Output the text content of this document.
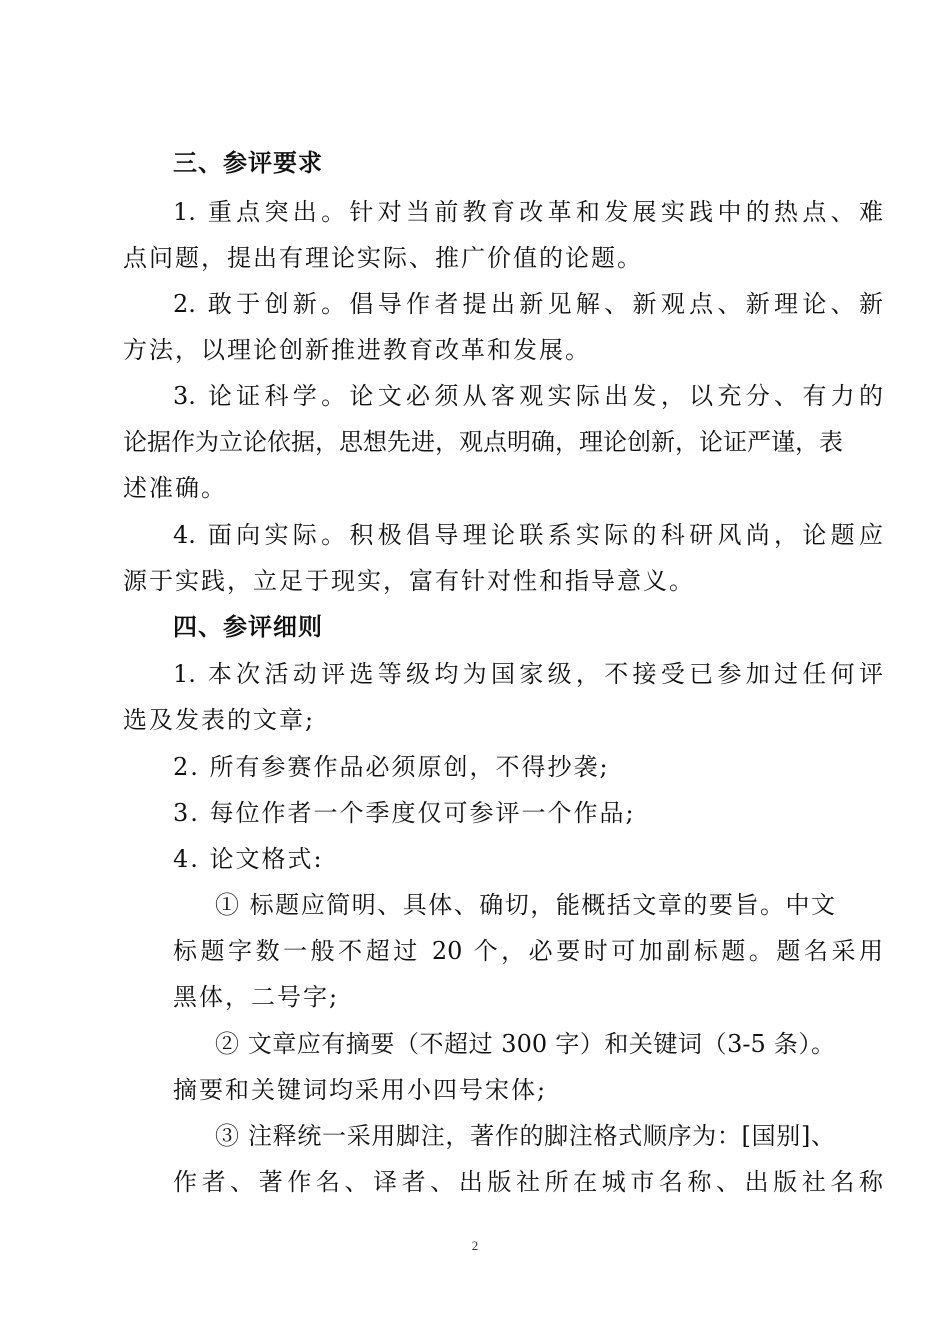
三、参评要求
1. 重点突出。针对当前教育改革和发展实践中的热点、难
点问题，提出有理论实际、推广价值的论题。
2. 敢于创新。倡导作者提出新见解、新观点、新理论、新
方法，以理论创新推进教育改革和发展。
3. 论证科学。论文必须从客观实际出发，以充分、有力的
论据作为立论依据，思想先进，观点明确，理论创新，论证严谨，表
述准确。
4. 面向实际。积极倡导理论联系实际的科研风尚，论题应
源于实践，立足于现实，富有针对性和指导意义。
四、参评细则
1. 本次活动评选等级均为国家级，不接受已参加过任何评
选及发表的文章;
2. 所有参赛作品必须原创，不得抄袭;
3. 每位作者一个季度仅可参评一个作品;
4. 论文格式:
① 标题应简明、具体、确切，能概括文章的要旨。中文
标题字数一般不超过 20 个，必要时可加副标题。题名采用
黑体，二号字;
② 文章应有摘要（不超过 300 字）和关键词（3-5 条）。
摘要和关键词均采用小四号宋体;
③ 注释统一采用脚注，著作的脚注格式顺序为：[国别]、
作者、著作名、译者、出版社所在城市名称、出版社名称
2
